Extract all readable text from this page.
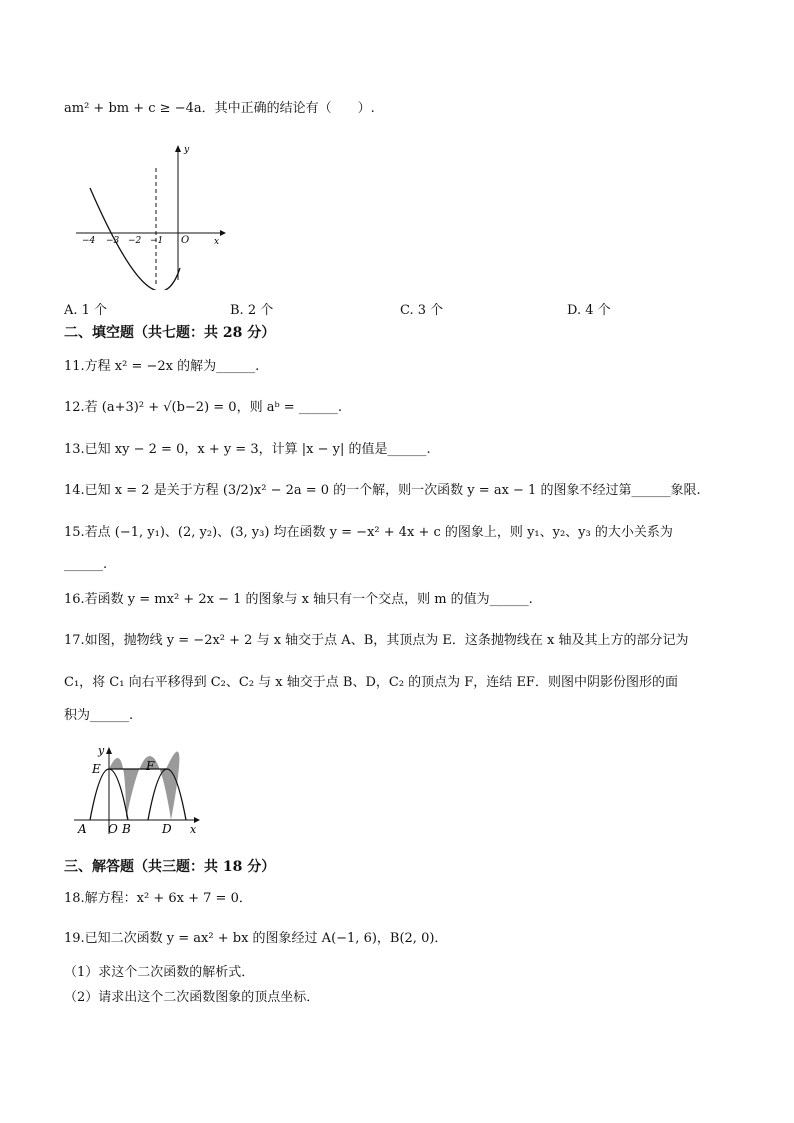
am² + bm + c ≥ −4a．其中正确的结论有（　　）.
y
x
O
−4 −3 −2 −1
A. 1 个	B. 2 个	C. 3 个	D. 4 个
二、填空题（共七题：共 28 分）
11.方程 x² = −2x 的解为______.
12.若 (a+3)² + √(b−2) = 0，则 aᵇ = ______.
13.已知 xy − 2 = 0，x + y = 3，计算 |x − y| 的值是______.
14.已知 x = 2 是关于方程 (3/2)x² − 2a = 0 的一个解，则一次函数 y = ax − 1 的图象不经过第______象限.
15.若点 (−1, y₁)、(2, y₂)、(3, y₃) 均在函数 y = −x² + 4x + c 的图象上，则 y₁、y₂、y₃ 的大小关系为
______.
16.若函数 y = mx² + 2x − 1 的图象与 x 轴只有一个交点，则 m 的值为______.
17.如图，抛物线 y = −2x² + 2 与 x 轴交于点 A、B，其顶点为 E．这条抛物线在 x 轴及其上方的部分记为
C₁，将 C₁ 向右平移得到 C₂、C₂ 与 x 轴交于点 B、D，C₂ 的顶点为 F，连结 EF．则图中阴影份图形的面
积为______.
y
x
E	F
A O B	D
三、解答题（共三题：共 18 分）
18.解方程：x² + 6x + 7 = 0．
19.已知二次函数 y = ax² + bx 的图象经过 A(−1, 6)，B(2, 0)．
（1）求这个二次函数的解析式．
（2）请求出这个二次函数图象的顶点坐标．
